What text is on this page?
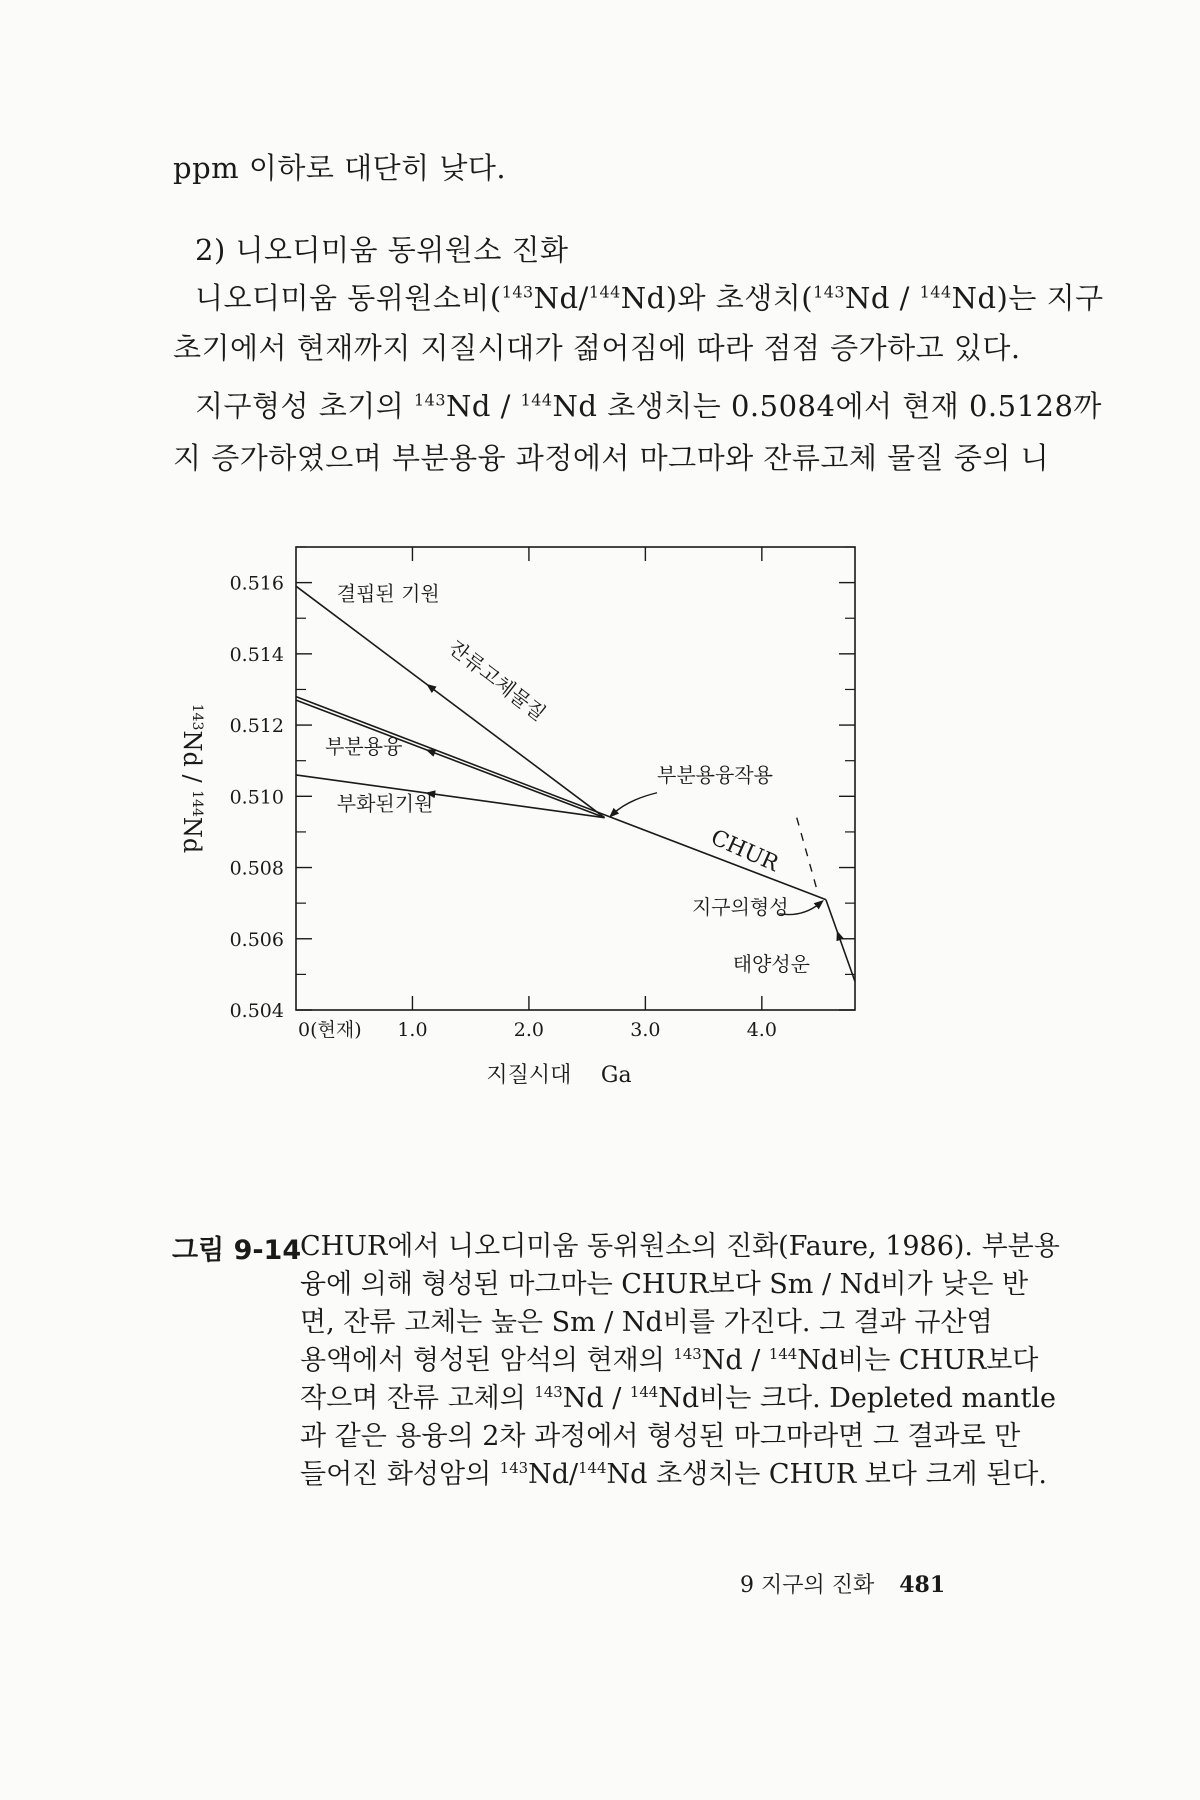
ppm 이하로 대단히 낮다.
2) 니오디미움 동위원소 진화
니오디미움 동위원소비($^{143}$Nd/$^{144}$Nd)와 초생치($^{143}$Nd / $^{144}$Nd)는 지구
초기에서 현재까지 지질시대가 젊어짐에 따라 점점 증가하고 있다.
지구형성 초기의 $^{143}$Nd / $^{144}$Nd 초생치는 0.5084에서 현재 0.5128까
지 증가하였으며 부분용융 과정에서 마그마와 잔류고체 물질 중의 니
0.516
0.514
0.512
0.510
0.508
0.506
0.504
0(현재) 1.0	2.0	3.0	4.0
지질시대 Ga
$^{143}$Nd / $^{144}$Nd
결핍된 기원
잔류고체물질
부분용융
부화된기원
부분용융작용
CHUR
지구의형성
태양성운
그림 9-14
CHUR에서 니오디미움 동위원소의 진화(Faure, 1986). 부분용
융에 의해 형성된 마그마는 CHUR보다 Sm / Nd비가 낮은 반
면, 잔류 고체는 높은 Sm / Nd비를 가진다. 그 결과 규산염
용액에서 형성된 암석의 현재의 $^{143}$Nd / $^{144}$Nd비는 CHUR보다
작으며 잔류 고체의 $^{143}$Nd / $^{144}$Nd비는 크다. Depleted mantle
과 같은 용융의 2차 과정에서 형성된 마그마라면 그 결과로 만
들어진 화성암의 $^{143}$Nd/$^{144}$Nd 초생치는 CHUR 보다 크게 된다.
9 지구의 진화 481
